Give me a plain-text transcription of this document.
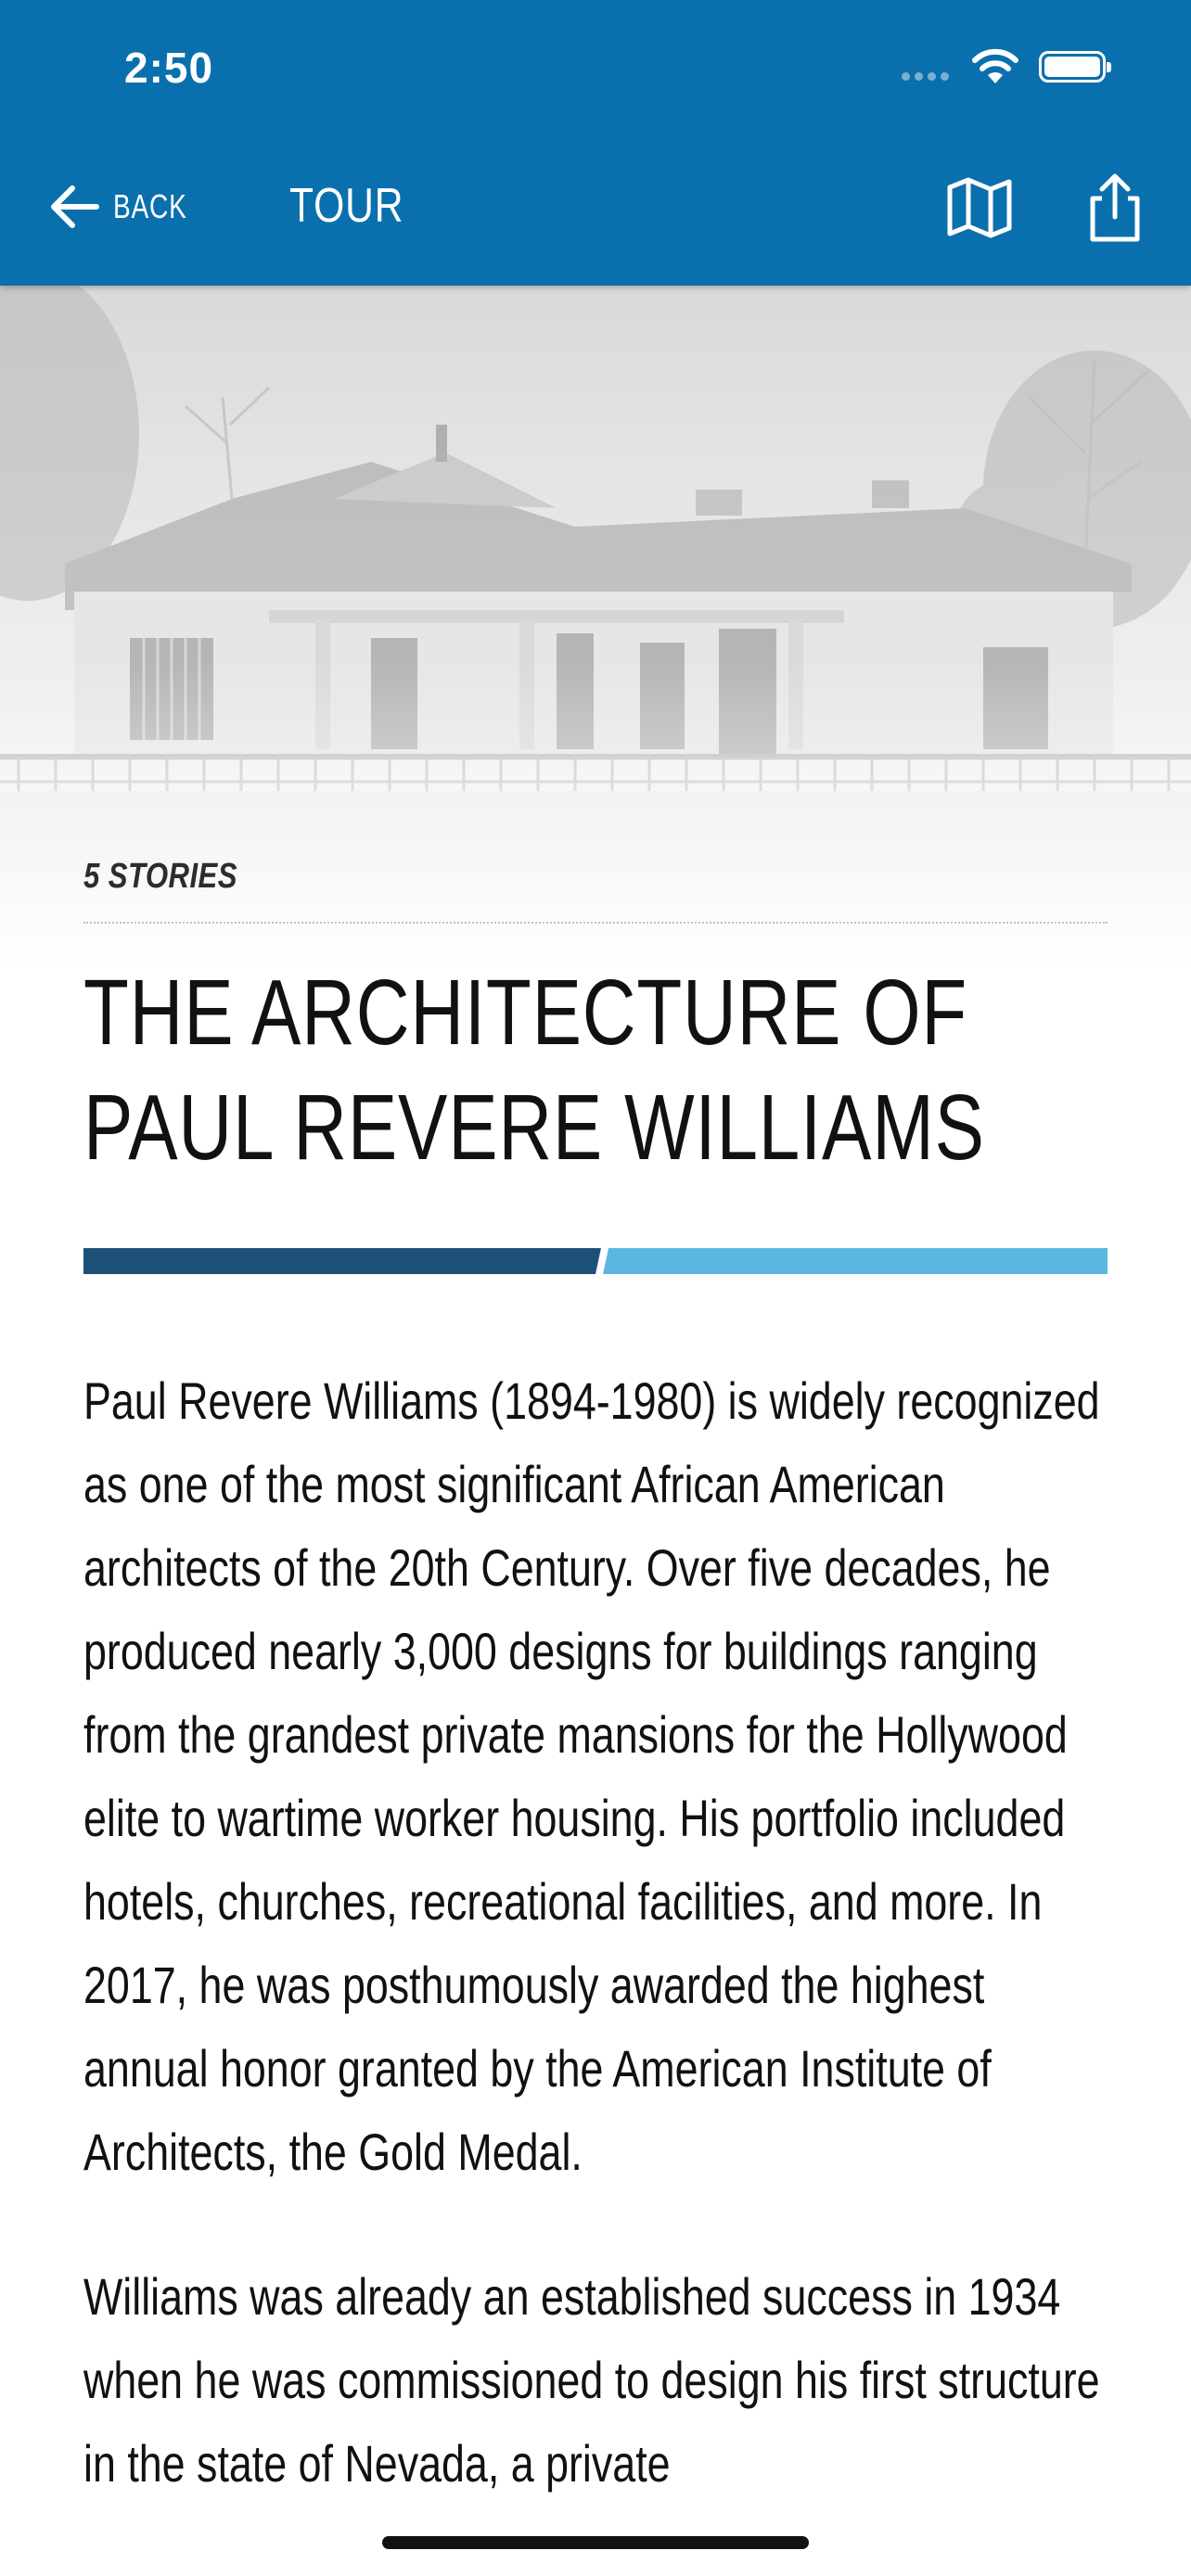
2:50
BACK TOUR
5 STORIES
THE ARCHITECTURE OF PAUL REVERE WILLIAMS

Paul Revere Williams (1894-1980) is widely recognized as one of the most significant African American architects of the 20th Century. Over five decades, he produced nearly 3,000 designs for buildings ranging from the grandest private mansions for the Hollywood elite to wartime worker housing. His portfolio included hotels, churches, recreational facilities, and more. In 2017, he was posthumously awarded the highest annual honor granted by the American Institute of Architects, the Gold Medal.

Williams was already an established success in 1934 when he was commissioned to design his first structure in the state of Nevada, a private
